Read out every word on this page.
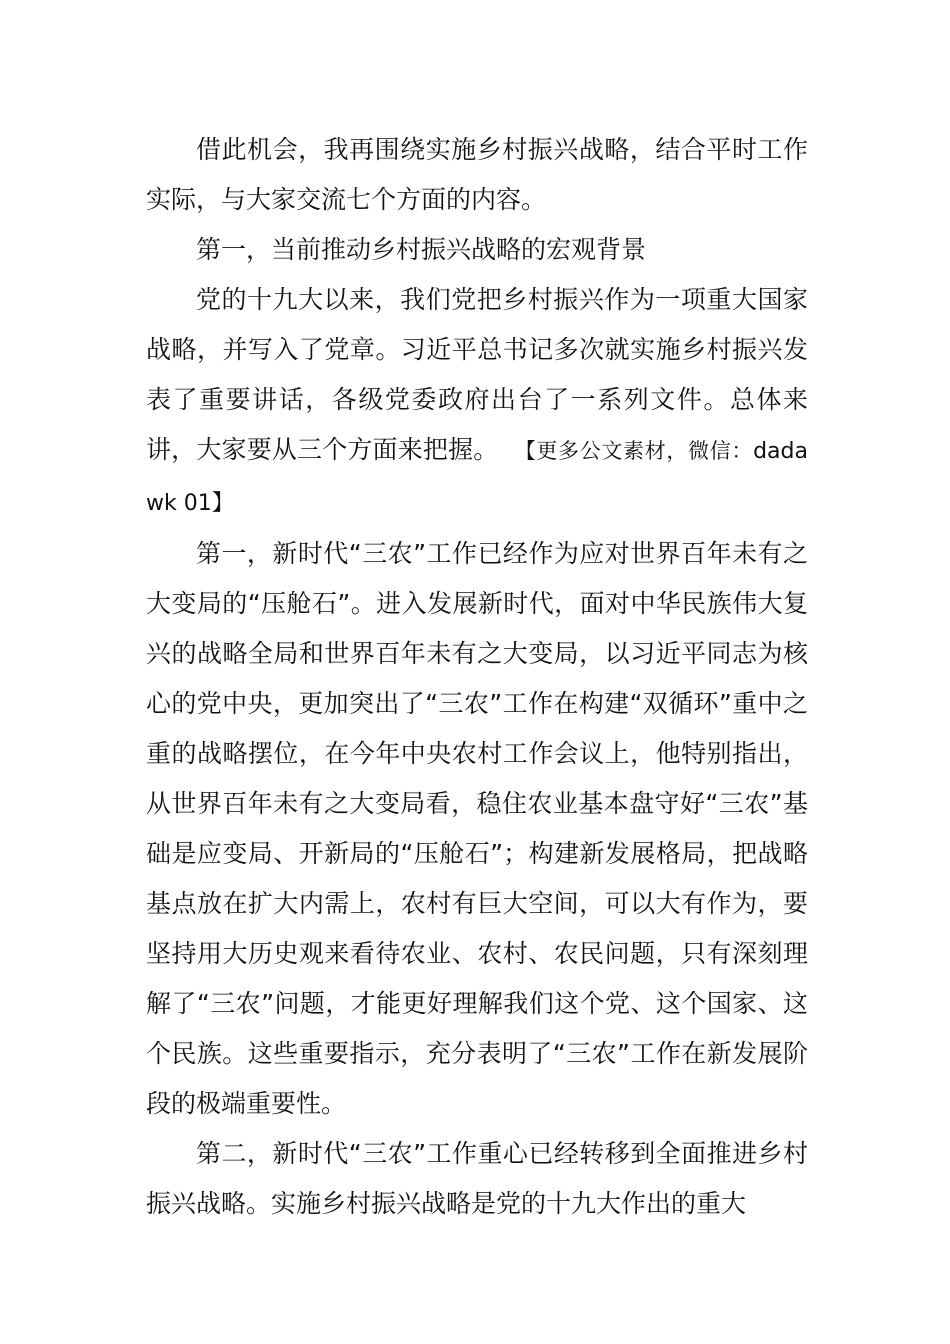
借此机会，我再围绕实施乡村振兴战略，结合平时工作实际，与大家交流七个方面的内容。

第一，当前推动乡村振兴战略的宏观背景

党的十九大以来，我们党把乡村振兴作为一项重大国家战略，并写入了党章。习近平总书记多次就实施乡村振兴发表了重要讲话，各级党委政府出台了一系列文件。总体来讲，大家要从三个方面来把握。 【更多公文素材，微信：dadawk 01】

第一，新时代“三农”工作已经作为应对世界百年未有之大变局的“压舱石”。进入发展新时代，面对中华民族伟大复兴的战略全局和世界百年未有之大变局，以习近平同志为核心的党中央，更加突出了“三农”工作在构建“双循环”重中之重的战略摆位，在今年中央农村工作会议上，他特别指出，从世界百年未有之大变局看，稳住农业基本盘守好“三农”基础是应变局、开新局的“压舱石”；构建新发展格局，把战略基点放在扩大内需上，农村有巨大空间，可以大有作为，要坚持用大历史观来看待农业、农村、农民问题，只有深刻理解了“三农”问题，才能更好理解我们这个党、这个国家、这个民族。这些重要指示，充分表明了“三农”工作在新发展阶段的极端重要性。

第二，新时代“三农”工作重心已经转移到全面推进乡村振兴战略。实施乡村振兴战略是党的十九大作出的重大
